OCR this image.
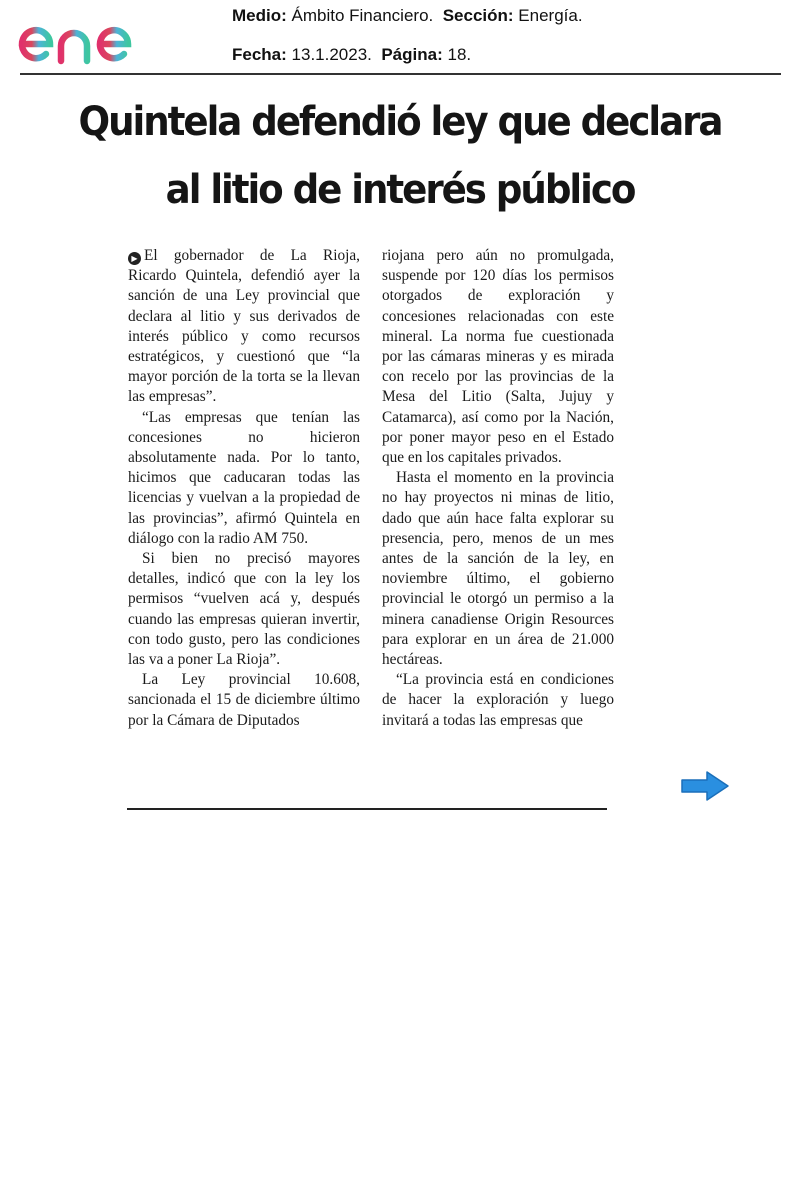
Medio: Ámbito Financiero. Sección: Energía.
Fecha: 13.1.2023. Página: 18.
Quintela defendió ley que declara
al litio de interés público

▶ El gobernador de La Rioja, Ricardo Quintela, defendió ayer la sanción de una Ley provincial que declara al litio y sus derivados de interés público y como recursos estratégicos, y cuestionó que “la mayor porción de la torta se la llevan las empresas”.

“Las empresas que tenían las concesiones no hicieron absolutamente nada. Por lo tanto, hicimos que caducaran todas las licencias y vuelvan a la propiedad de las provincias”, afirmó Quintela en diálogo con la radio AM 750.

Si bien no precisó mayores detalles, indicó que con la ley los permisos “vuelven acá y, después cuando las empresas quieran invertir, con todo gusto, pero las condiciones las va a poner La Rioja”.

La Ley provincial 10.608, sancionada el 15 de diciembre último por la Cámara de Diputados

riojana pero aún no promulgada, suspende por 120 días los permisos otorgados de exploración y concesiones relacionadas con este mineral. La norma fue cuestionada por las cámaras mineras y es mirada con recelo por las provincias de la Mesa del Litio (Salta, Jujuy y Catamarca), así como por la Nación, por poner mayor peso en el Estado que en los capitales privados.

Hasta el momento en la provincia no hay proyectos ni minas de litio, dado que aún hace falta explorar su presencia, pero, menos de un mes antes de la sanción de la ley, en noviembre último, el gobierno provincial le otorgó un permiso a la minera canadiense Origin Resources para explorar en un área de 21.000 hectáreas.

“La provincia está en condiciones de hacer la exploración y luego invitará a todas las empresas que
